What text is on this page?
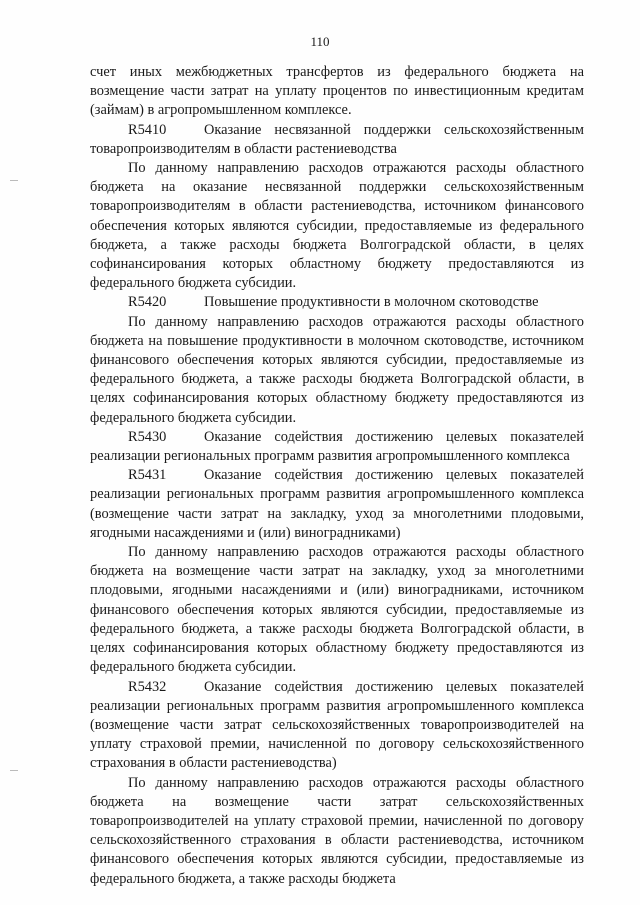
110

счет иных межбюджетных трансфертов из федерального бюджета на возмещение части затрат на уплату процентов по инвестиционным кредитам (займам) в агропромышленном комплексе.

R5410	Оказание несвязанной поддержки сельскохозяйственным товаропроизводителям в области растениеводства

По данному направлению расходов отражаются расходы областного бюджета на оказание несвязанной поддержки сельскохозяйственным товаропроизводителям в области растениеводства, источником финансового обеспечения которых являются субсидии, предоставляемые из федерального бюджета, а также расходы бюджета Волгоградской области, в целях софинансирования которых областному бюджету предоставляются из федерального бюджета субсидии.

R5420	Повышение продуктивности в молочном скотоводстве

По данному направлению расходов отражаются расходы областного бюджета на повышение продуктивности в молочном скотоводстве, источником финансового обеспечения которых являются субсидии, предоставляемые из федерального бюджета, а также расходы бюджета Волгоградской области, в целях софинансирования которых областному бюджету предоставляются из федерального бюджета субсидии.

R5430	Оказание содействия достижению целевых показателей реализации региональных программ развития агропромышленного комплекса
R5431	Оказание содействия достижению целевых показателей реализации региональных программ развития агропромышленного комплекса (возмещение части затрат на закладку, уход за многолетними плодовыми, ягодными насаждениями и (или) виноградниками)

По данному направлению расходов отражаются расходы областного бюджета на возмещение части затрат на закладку, уход за многолетними плодовыми, ягодными насаждениями и (или) виноградниками, источником финансового обеспечения которых являются субсидии, предоставляемые из федерального бюджета, а также расходы бюджета Волгоградской области, в целях софинансирования которых областному бюджету предоставляются из федерального бюджета субсидии.

R5432	Оказание содействия достижению целевых показателей реализации региональных программ развития агропромышленного комплекса (возмещение части затрат сельскохозяйственных товаропроизводителей на уплату страховой премии, начисленной по договору сельскохозяйственного страхования в области растениеводства)

По данному направлению расходов отражаются расходы областного бюджета на возмещение части затрат сельскохозяйственных товаропроизводителей на уплату страховой премии, начисленной по договору сельскохозяйственного страхования в области растениеводства, источником финансового обеспечения которых являются субсидии, предоставляемые из федерального бюджета, а также расходы бюджета
